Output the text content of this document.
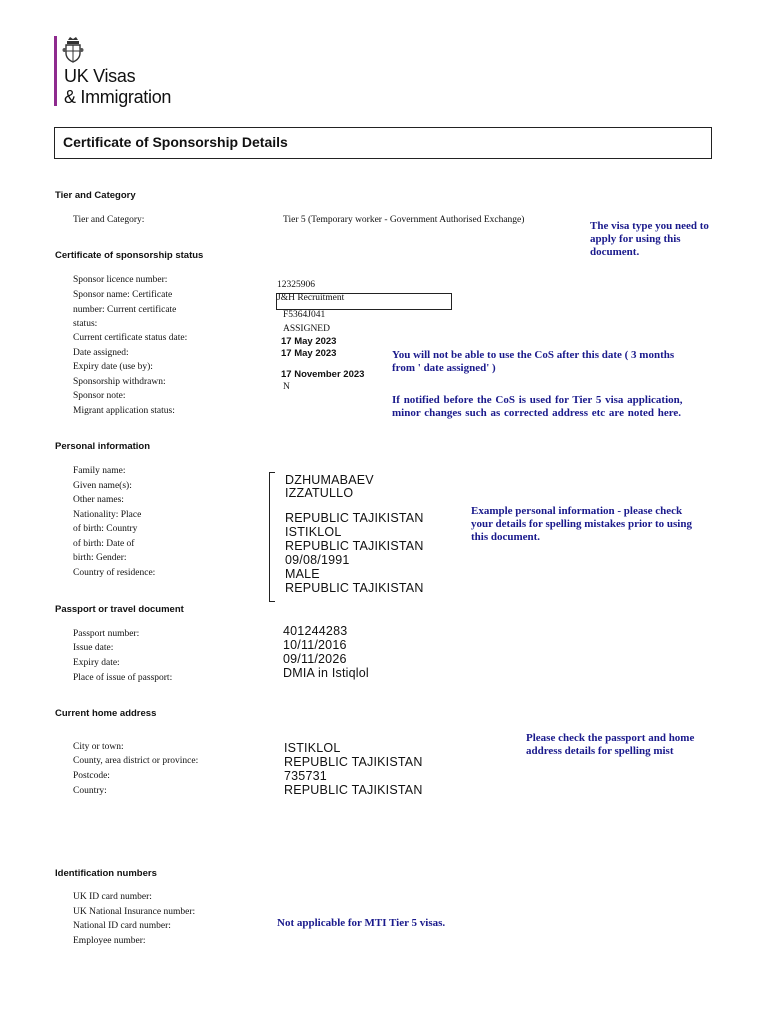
UK Visas
& Immigration
Certificate of Sponsorship Details
Tier and Category
Tier and Category:	Tier 5 (Temporary worker - Government Authorised Exchange)	The visa type you need to apply for using this document.
Certificate of sponsorship status
Sponsor licence number:
Sponsor name: Certificate
number: Current certificate
status:
Current certificate status date:
Date assigned:
Expiry date (use by):
Sponsorship withdrawn:
Sponsor note:
Migrant application status:
12325906
J&H Recruitment
F5364J041
ASSIGNED
17 May 2023
17 May 2023
17 November 2023
N
You will not be able to use the CoS after this date ( 3 months from ' date assigned' )
If notified before the CoS is used for Tier 5 visa application, minor changes such as corrected address etc are noted here.
Personal information
Family name:
Given name(s):
Other names:
Nationality: Place
of birth: Country
of birth: Date of
birth: Gender:
Country of residence:
DZHUMABAEV
IZZATULLO
REPUBLIC TAJIKISTAN
ISTIKLOL
REPUBLIC TAJIKISTAN
09/08/1991
MALE
REPUBLIC TAJIKISTAN
Example personal information - please check your details for spelling mistakes prior to using this document.
Passport or travel document
Passport number:
Issue date:
Expiry date:
Place of issue of passport:
401244283
10/11/2016
09/11/2026
DMIA in Istiqlol
Current home address
City or town:
County, area district or province:
Postcode:
Country:
ISTIKLOL
REPUBLIC TAJIKISTAN
735731
REPUBLIC TAJIKISTAN
Please check the passport and home address details for spelling mist
Identification numbers
UK ID card number:
UK National Insurance number:
National ID card number:
Employee number:
Not applicable for MTI Tier 5 visas.
